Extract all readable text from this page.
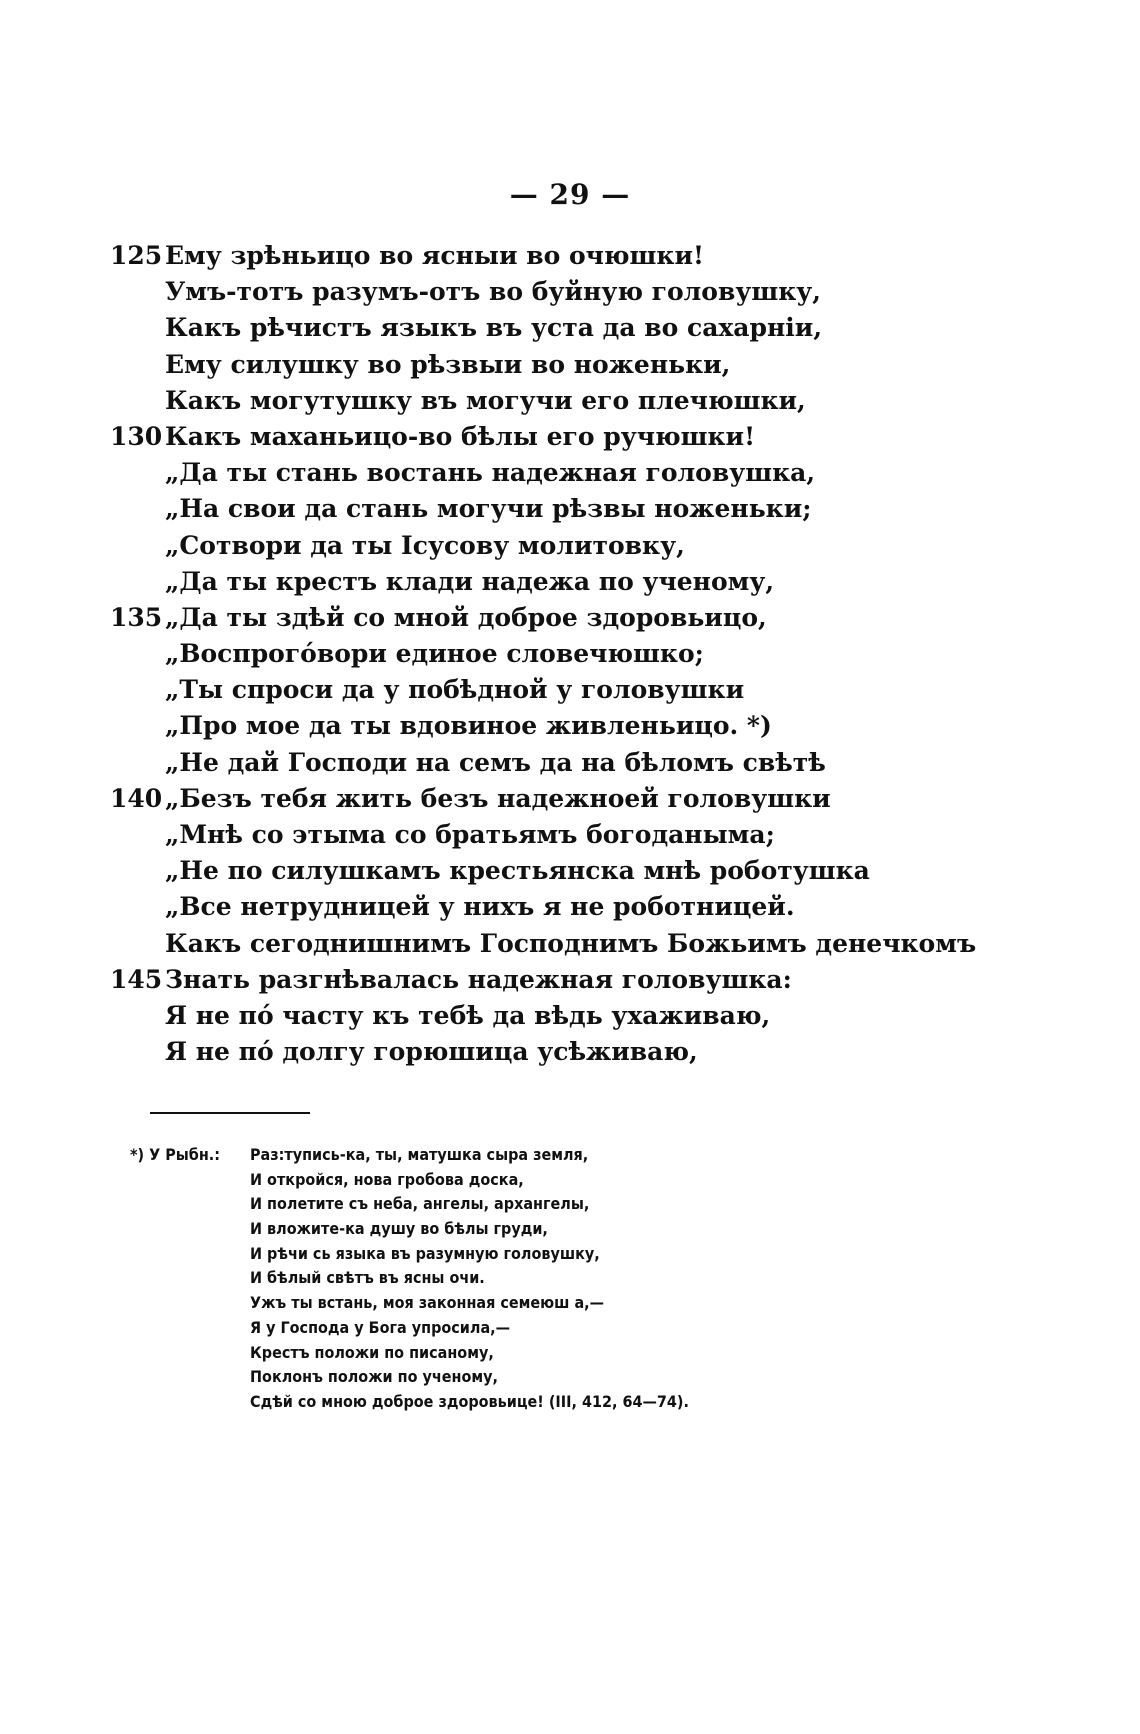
— 29 —
125 Ему зрѣньицо во ясныи во очюшки!
Умъ-тотъ разумъ-отъ во буйную головушку,
Какъ рѣчистъ языкъ въ уста да во сахарніи,
Ему силушку во рѣзвыи во ноженьки,
Какъ могутушку въ могучи его плечюшки,
130 Какъ маханьицо-во бѣлы его ручюшки!
„Да ты стань востань надежная головушка,
„На свои да стань могучи рѣзвы ноженьки;
„Сотвори да ты Ісусову молитовку,
„Да ты крестъ клади надежа по ученому,
135 „Да ты здѣй со мной доброе здоровьицо,
„Воспрогóвори единое словечюшко;
„Ты спроси да у побѣдной у головушки
„Про мое да ты вдовиное живленьицо. *)
„Не дай Господи на семъ да на бѣломъ свѣтѣ
140 „Безъ тебя жить безъ надежноей головушки
„Мнѣ со этыма со братьямъ богоданыма;
„Не по силушкамъ крестьянска мнѣ роботушка
„Все нетрудницей у нихъ я не роботницей.
Какъ сегоднишнимъ Господнимъ Божьимъ денечкомъ
145 Знать разгнѣвалась надежная головушка:
Я не пó часту къ тебѣ да вѣдь ухаживаю,
Я не пó долгу горюшица усѣживаю,
*) У Рыбн.: Раз:тупись-ка, ты, матушка сыра земля,
И откройся, нова гробова доска,
И полетите съ неба, ангелы, архангелы,
И вложите-ка душу во бѣлы груди,
И рѣчи сь языка въ разумную головушку,
И бѣлый свѣтъ въ ясны очи.
Ужъ ты встань, моя законная семеюш а,—
Я у Господа у Бога упросила,—
Крестъ положи по писаному,
Поклонъ положи по ученому,
Сдѣй со мною доброе здоровьице! (III, 412, 64—74).
